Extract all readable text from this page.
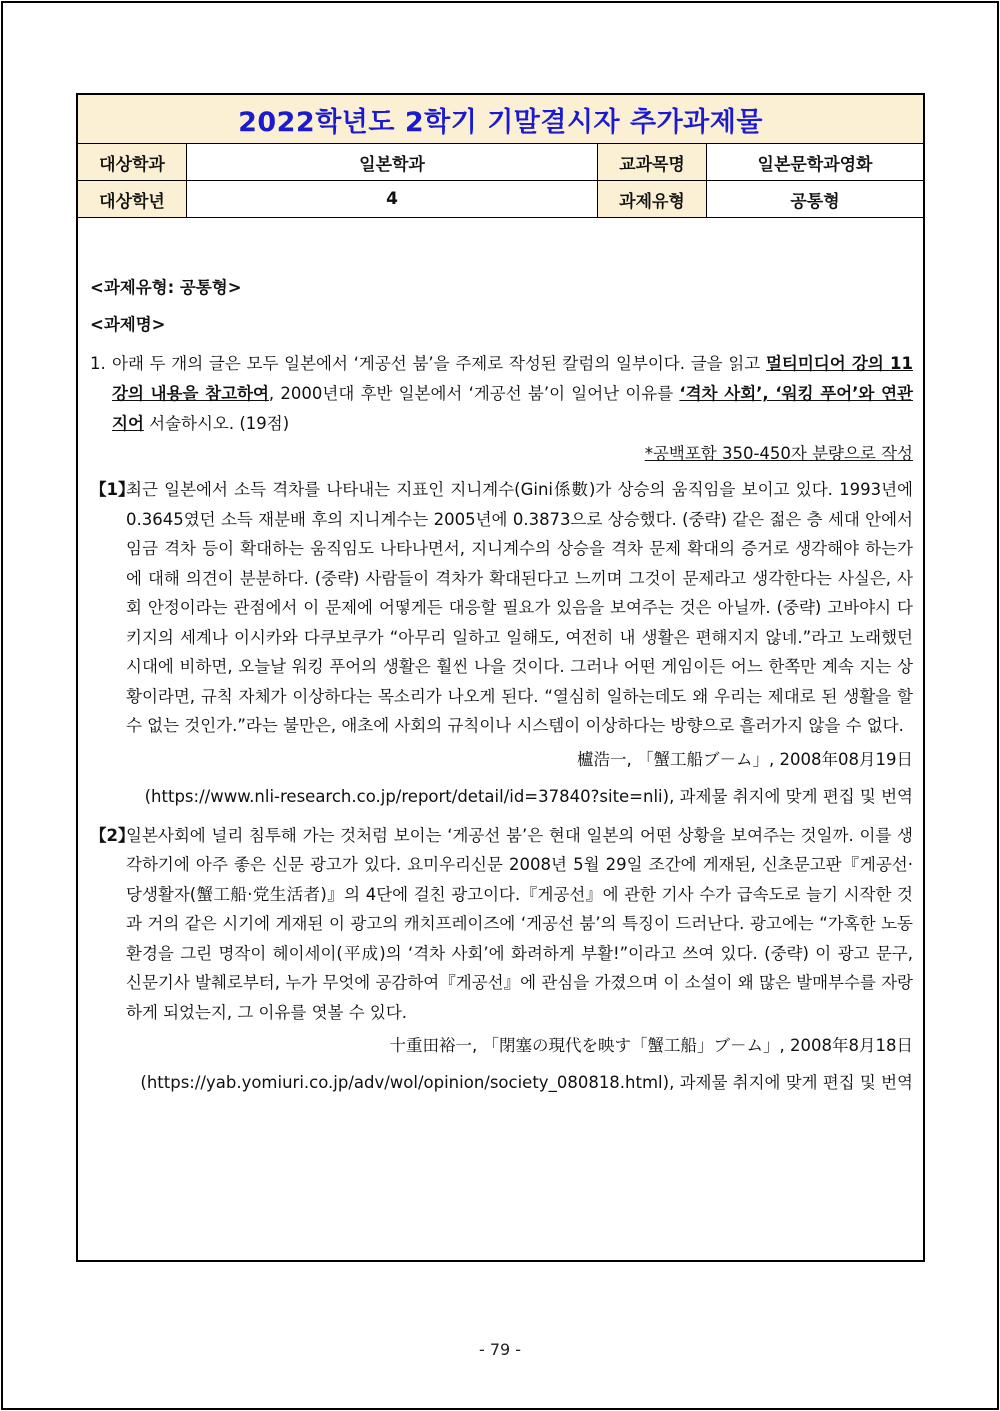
2022학년도 2학기 기말결시자 추가과제물
대상학과	일본학과	교과목명	일본문학과영화
대상학년	4	과제유형	공통형
<과제유형: 공통형>
<과제명>
1. 아래 두 개의 글은 모두 일본에서 ‘게공선 붐’을 주제로 작성된 칼럼의 일부이다. 글을 읽고 멀티미디어 강의 11강의 내용을 참고하여, 2000년대 후반 일본에서 ‘게공선 붐’이 일어난 이유를 ‘격차 사회’, ‘워킹 푸어’와 연관지어 서술하시오. (19점)
*공백포함 350-450자 분량으로 작성
【1】
최근 일본에서 소득 격차를 나타내는 지표인 지니계수(Gini係數)가 상승의 움직임을 보이고 있다. 1993년에 0.3645였던 소득 재분배 후의 지니계수는 2005년에 0.3873으로 상승했다. (중략) 같은 젊은 층 세대 안에서 임금 격차 등이 확대하는 움직임도 나타나면서, 지니계수의 상승을 격차 문제 확대의 증거로 생각해야 하는가에 대해 의견이 분분하다. (중략) 사람들이 격차가 확대된다고 느끼며 그것이 문제라고 생각한다는 사실은, 사회 안정이라는 관점에서 이 문제에 어떻게든 대응할 필요가 있음을 보여주는 것은 아닐까. (중략) 고바야시 다키지의 세계나 이시카와 다쿠보쿠가 “아무리 일하고 일해도, 여전히 내 생활은 편해지지 않네.”라고 노래했던 시대에 비하면, 오늘날 워킹 푸어의 생활은 훨씬 나을 것이다. 그러나 어떤 게임이든 어느 한쪽만 계속 지는 상황이라면, 규칙 자체가 이상하다는 목소리가 나오게 된다. “열심히 일하는데도 왜 우리는 제대로 된 생활을 할 수 없는 것인가.”라는 불만은, 애초에 사회의 규칙이나 시스템이 이상하다는 방향으로 흘러가지 않을 수 없다.
櫨浩一, 「蟹工船ブ－ム」, 2008年08月19日
(https://www.nli-research.co.jp/report/detail/id=37840?site=nli), 과제물 취지에 맞게 편집 및 번역
【2】
일본사회에 널리 침투해 가는 것처럼 보이는 ‘게공선 붐’은 현대 일본의 어떤 상황을 보여주는 것일까. 이를 생각하기에 아주 좋은 신문 광고가 있다. 요미우리신문 2008년 5월 29일 조간에 게재된, 신초문고판『게공선·당생활자(蟹工船·党生活者)』의 4단에 걸친 광고이다.『게공선』에 관한 기사 수가 급속도로 늘기 시작한 것과 거의 같은 시기에 게재된 이 광고의 캐치프레이즈에 ‘게공선 붐’의 특징이 드러난다. 광고에는 “가혹한 노동 환경을 그린 명작이 헤이세이(平成)의 ‘격차 사회’에 화려하게 부활!”이라고 쓰여 있다. (중략) 이 광고 문구, 신문기사 발췌로부터, 누가 무엇에 공감하여『게공선』에 관심을 가졌으며 이 소설이 왜 많은 발매부수를 자랑하게 되었는지, 그 이유를 엿볼 수 있다.
十重田裕一, 「閉塞の現代を映す「蟹工船」ブ－ム」, 2008年8月18日
(https://yab.yomiuri.co.jp/adv/wol/opinion/society_080818.html), 과제물 취지에 맞게 편집 및 번역
- 79 -
